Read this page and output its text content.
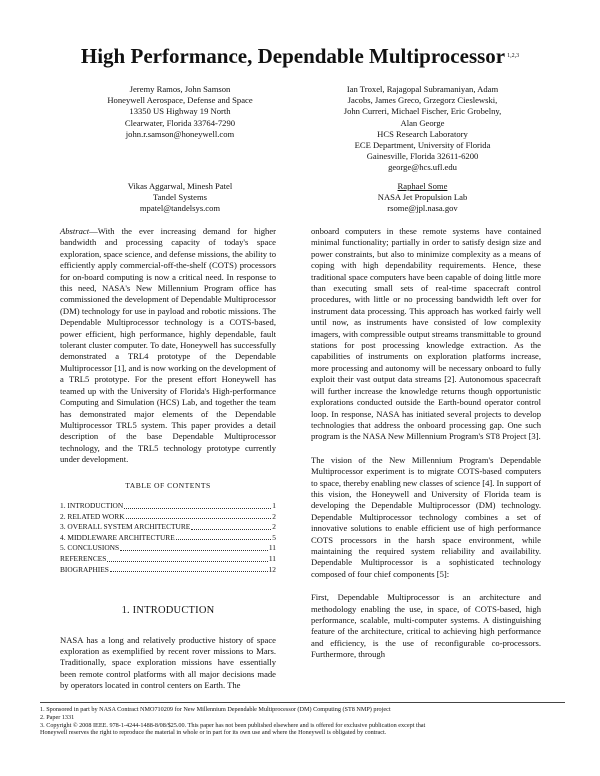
High Performance, Dependable Multiprocessor $^{1,2,3}$
Jeremy Ramos, John Samson
Honeywell Aerospace, Defense and Space
13350 US Highway 19 North
Clearwater, Florida 33764-7290
john.r.samson@honeywell.com
Ian Troxel, Rajagopal Subramaniyan, Adam
Jacobs, James Greco, Grzegorz Cieslewski,
John Curreri, Michael Fischer, Eric Grobelny,
Alan George
HCS Research Laboratory
ECE Department, University of Florida
Gainesville, Florida 32611-6200
george@hcs.ufl.edu
Vikas Aggarwal, Minesh Patel
Tandel Systems
mpatel@tandelsys.com
Raphael Some
NASA Jet Propulsion Lab
rsome@jpl.nasa.gov

Abstract—With the ever increasing demand for higher bandwidth and processing capacity of today's space exploration, space science, and defense missions, the ability to efficiently apply commercial-off-the-shelf (COTS) processors for on-board computing is now a critical need. In response to this need, NASA's New Millennium Program office has commissioned the development of Dependable Multiprocessor (DM) technology for use in payload and robotic missions. The Dependable Multiprocessor technology is a COTS-based, power efficient, high performance, highly dependable, fault tolerant cluster computer. To date, Honeywell has successfully demonstrated a TRL4 prototype of the Dependable Multiprocessor [1], and is now working on the development of a TRL5 prototype. For the present effort Honeywell has teamed up with the University of Florida's High-performance Computing and Simulation (HCS) Lab, and together the team has demonstrated major elements of the Dependable Multiprocessor TRL5 system. This paper provides a detail description of the base Dependable Multiprocessor technology, and the TRL5 technology prototype currently under development.

TABLE OF CONTENTS
1. INTRODUCTION	1
2. RELATED WORK	2
3. OVERALL SYSTEM ARCHITECTURE	2
4. MIDDLEWARE ARCHITECTURE	5
5. CONCLUSIONS	11
REFERENCES	11
BIOGRAPHIES	12
1. INTRODUCTION

NASA has a long and relatively productive history of space exploration as exemplified by recent rover missions to Mars. Traditionally, space exploration missions have essentially been remote control platforms with all major decisions made by operators located in control centers on Earth. The

onboard computers in these remote systems have contained minimal functionality; partially in order to satisfy design size and power constraints, but also to minimize complexity as a means of coping with high dependability requirements. Hence, these traditional space computers have been capable of doing little more than executing small sets of real-time spacecraft control procedures, with little or no processing bandwidth left over for instrument data processing. This approach has worked fairly well until now, as instruments have consisted of low complexity imagers, with compressible output streams transmittable to ground stations for post processing knowledge extraction. As the capabilities of instruments on exploration platforms increase, more processing and autonomy will be necessary onboard to fully exploit their vast output data streams [2]. Autonomous spacecraft will further increase the knowledge returns though opportunistic explorations conducted outside the Earth-bound operator control loop. In response, NASA has initiated several projects to develop technologies that address the onboard processing gap. One such program is the NASA New Millennium Program's ST8 Project [3].

The vision of the New Millennium Program's Dependable Multiprocessor experiment is to migrate COTS-based computers to space, thereby enabling new classes of science [4]. In support of this vision, the Honeywell and University of Florida team is developing the Dependable Multiprocessor (DM) technology. Dependable Multiprocessor technology combines a set of innovative solutions to enable efficient use of high performance COTS processors in the harsh space environment, while maintaining the required system reliability and availability. Dependable Multiprocessor is a sophisticated technology composed of four chief components [5]:

First, Dependable Multiprocessor is an architecture and methodology enabling the use, in space, of COTS-based, high performance, scalable, multi-computer systems. A distinguishing feature of the architecture, critical to achieving high performance and efficiency, is the use of reconfigurable co-processors. Furthermore, through

1. Sponsored in part by NASA Contract NMO710209 for New Millennium Dependable Multiprocessor (DM) Computing (ST8 NMP) project
2. Paper 1331
3. Copyright © 2008 IEEE. 978-1-4244-1488-8/08/$25.00. This paper has not been published elsewhere and is offered for exclusive publication except that
Honeywell reserves the right to reproduce the material in whole or in part for its own use and where the Honeywell is obligated by contract.
